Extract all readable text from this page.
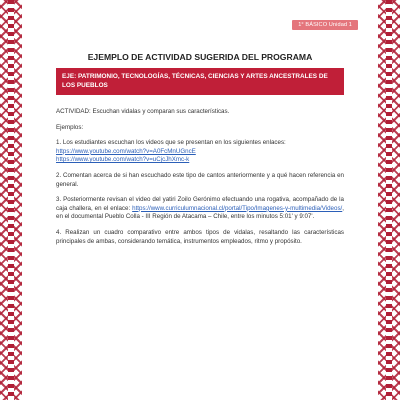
1° BÁSICO Unidad 1
EJEMPLO DE ACTIVIDAD SUGERIDA DEL PROGRAMA
EJE: PATRIMONIO, TECNOLOGÍAS, TÉCNICAS, CIENCIAS Y ARTES ANCESTRALES DE LOS PUEBLOS

ACTIVIDAD: Escuchan vidalas y comparan sus características.

Ejemplos:

1. Los estudiantes escuchan los videos que se presentan en los siguientes enlaces:
https://www.youtube.com/watch?v=A0FcMnUGncE
https://www.youtube.com/watch?v=uCjcJhXmc-k

2. Comentan acerca de si han escuchado este tipo de cantos anteriormente y a qué hacen referencia en general.

3. Posteriormente revisan el video del yatiri Zoilo Gerónimo efectuando una rogativa, acompañado de la caja challera, en el enlace: https://www.curriculumnacional.cl/portal/Tipo/Imagenes-y-multimedia/Videos/, en el documental Pueblo Colla - III Región de Atacama – Chile, entre los minutos 5:01' y 9:07'.

4. Realizan un cuadro comparativo entre ambos tipos de vidalas, resaltando las características principales de ambas, considerando temática, instrumentos empleados, ritmo y propósito.
